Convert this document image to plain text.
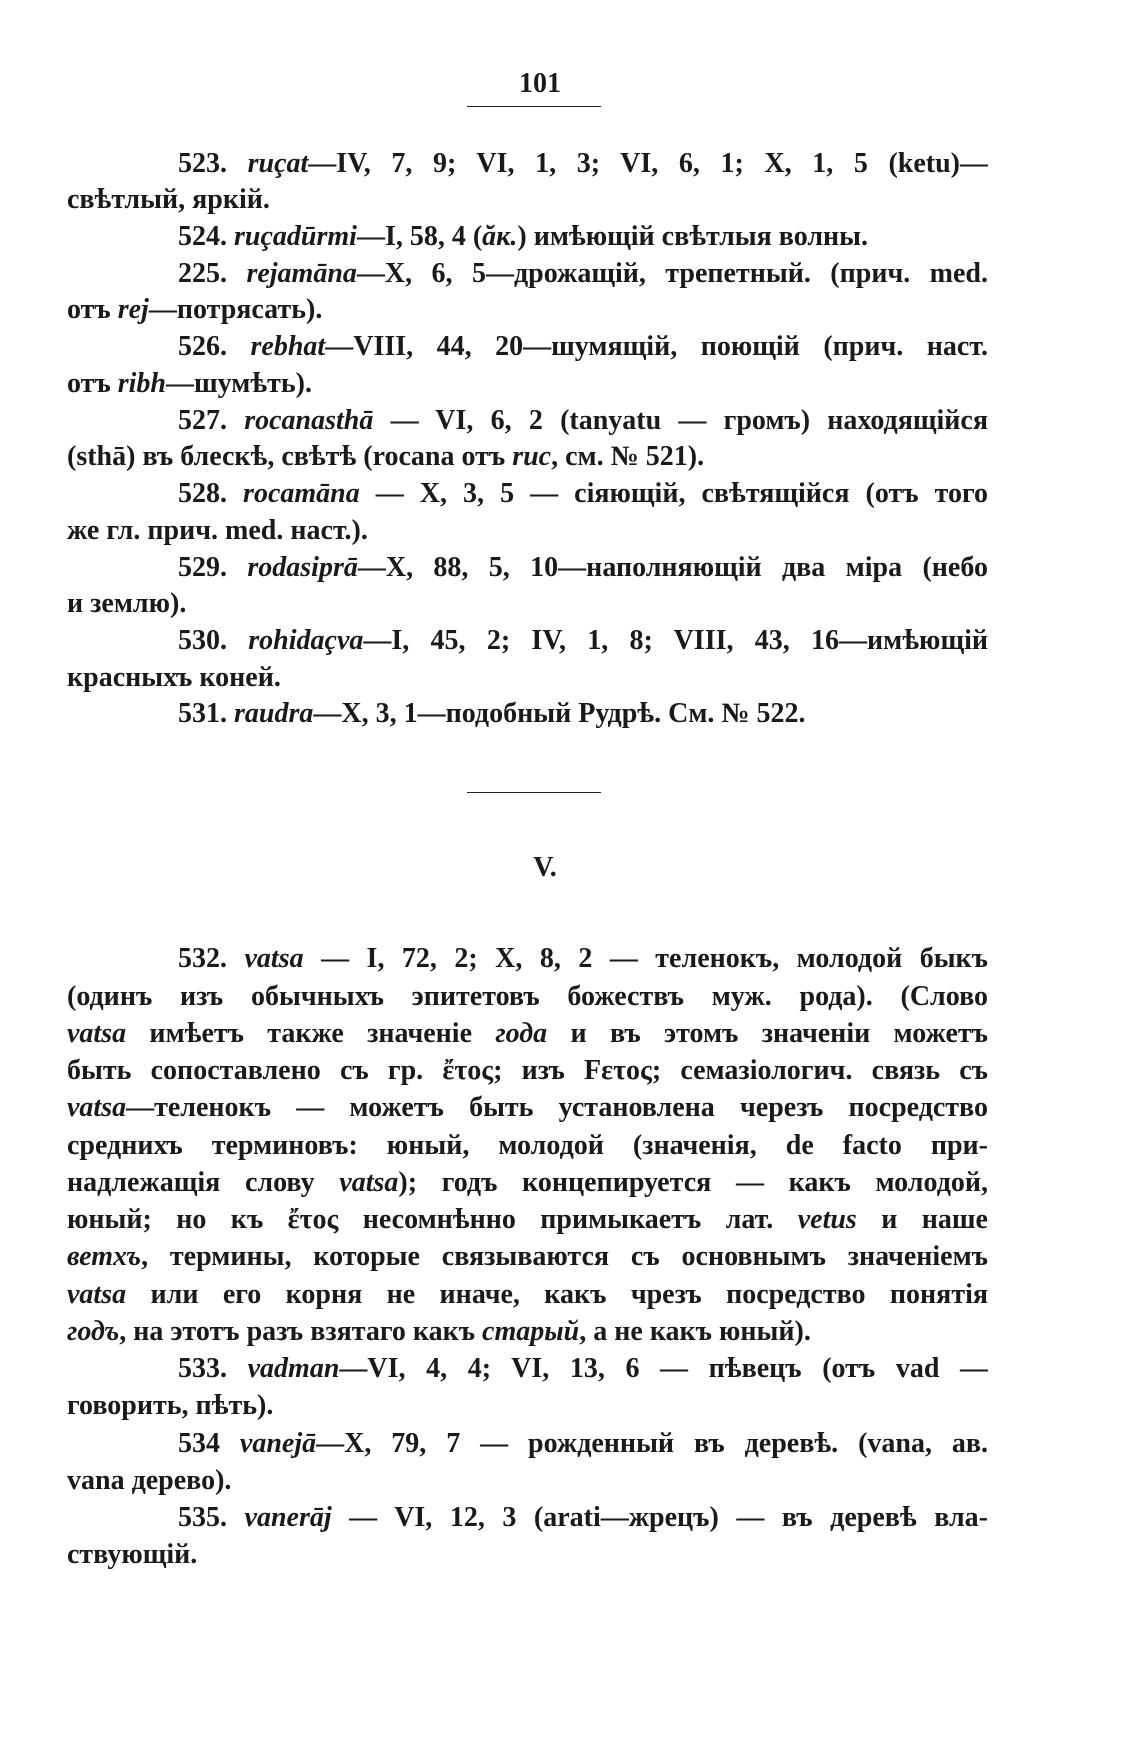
101
523. ruçat—IV, 7, 9; VI, 1, 3; VI, 6, 1; X, 1, 5 (ketu)—
свѣтлый, яркій.
524. ruçadūrmi—I, 58, 4 (ăк.) имѣющій свѣтлыя волны.
225. rejamāna—X, 6, 5—дрожащій, трепетный. (прич. med.
отъ rej—потрясать).
526. rebhat—VIII, 44, 20—шумящій, поющій (прич. наст.
отъ ribh—шумѣть).
527. rocanasthā — VI, 6, 2 (tanyatu — громъ) находящійся
(sthā) въ блескѣ, свѣтѣ (rocana отъ ruc, см. № 521).
528. rocamāna — X, 3, 5 — сіяющій, свѣтящійся (отъ того
же гл. прич. med. наст.).
529. rodasiprā—X, 88, 5, 10—наполняющій два міра (небо
и землю).
530. rohidaçva—I, 45, 2; IV, 1, 8; VIII, 43, 16—имѣющій
красныхъ коней.
531. raudra—X, 3, 1—подобный Рудрѣ. См. № 522.
V.
532. vatsa — I, 72, 2; X, 8, 2 — теленокъ, молодой быкъ
(одинъ изъ обычныхъ эпитетовъ божествъ муж. рода). (Слово
vatsa имѣетъ также значеніе года и въ этомъ значеніи можетъ
быть сопоставлено съ гр. ἔτος; изъ Fετος; семазіологич. связь съ
vatsa—теленокъ — можетъ быть установлена черезъ посредство
среднихъ терминовъ: юный, молодой (значенія, de facto при-
надлежащія слову vatsa); годъ концепируется — какъ молодой,
юный; но къ ἔτος несомнѣнно примыкаетъ лат. vetus и наше
ветхъ, термины, которые связываются съ основнымъ значеніемъ
vatsa или его корня не иначе, какъ чрезъ посредство понятія
годъ, на этотъ разъ взятаго какъ старый, а не какъ юный).
533. vadman—VI, 4, 4; VI, 13, 6 — пѣвецъ (отъ vad —
говорить, пѣть).
534 vanejā—X, 79, 7 — рожденный въ деревѣ. (vana, ав.
vana дерево).
535. vanerāj — VI, 12, 3 (arati—жрецъ) — въ деревѣ вла-
ствующій.
